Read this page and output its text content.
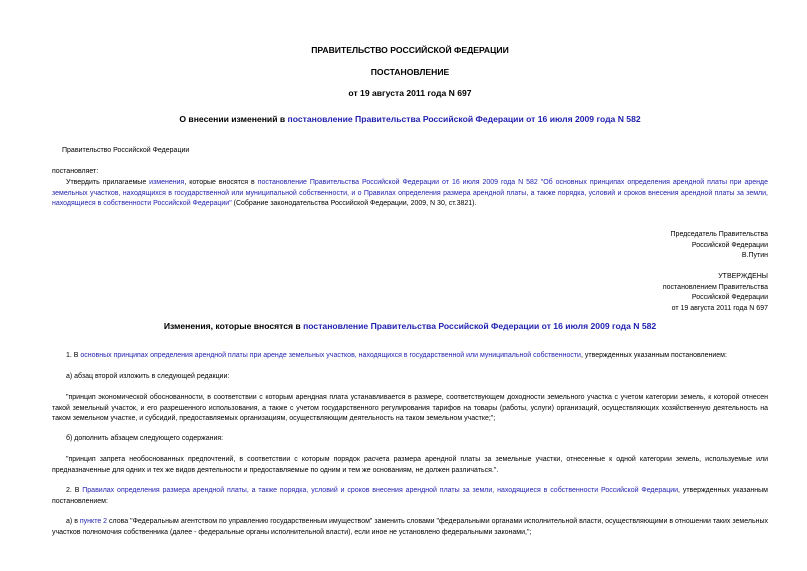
ПРАВИТЕЛЬСТВО РОССИЙСКОЙ ФЕДЕРАЦИИ
ПОСТАНОВЛЕНИЕ
от 19 августа 2011 года N 697
О внесении изменений в постановление Правительства Российской Федерации от 16 июля 2009 года N 582
Правительство Российской Федерации
постановляет:
Утвердить прилагаемые изменения, которые вносятся в постановление Правительства Российской Федерации от 16 июля 2009 года N 582 "Об основных принципах определения арендной платы при аренде земельных участков, находящихся в государственной или муниципальной собственности, и о Правилах определения размера арендной платы, а также порядка, условий и сроков внесения арендной платы за земли, находящиеся в собственности Российской Федерации" (Собрание законодательства Российской Федерации, 2009, N 30, ст.3821).
Председатель Правительства
Российской Федерации
В.Путин
УТВЕРЖДЕНЫ
постановлением Правительства
Российской Федерации
от 19 августа 2011 года N 697
Изменения, которые вносятся в постановление Правительства Российской Федерации от 16 июля 2009 года N 582
1. В основных принципах определения арендной платы при аренде земельных участков, находящихся в государственной или муниципальной собственности, утвержденных указанным постановлением:
а) абзац второй изложить в следующей редакции:
"принцип экономической обоснованности, в соответствии с которым арендная плата устанавливается в размере, соответствующем доходности земельного участка с учетом категории земель, к которой отнесен такой земельный участок, и его разрешенного использования, а также с учетом государственного регулирования тарифов на товары (работы, услуги) организаций, осуществляющих хозяйственную деятельность на таком земельном участке, и субсидий, предоставляемых организациям, осуществляющим деятельность на таком земельном участке;";
б) дополнить абзацем следующего содержания:
"принцип запрета необоснованных предпочтений, в соответствии с которым порядок расчета размера арендной платы за земельные участки, отнесенные к одной категории земель, используемые или предназначенные для одних и тех же видов деятельности и предоставляемые по одним и тем же основаниям, не должен различаться.".
2. В Правилах определения размера арендной платы, а также порядка, условий и сроков внесения арендной платы за земли, находящиеся в собственности Российской Федерации, утвержденных указанным постановлением:
а) в пункте 2 слова "Федеральным агентством по управлению государственным имуществом" заменить словами "федеральными органами исполнительной власти, осуществляющими в отношении таких земельных участков полномочия собственника (далее - федеральные органы исполнительной власти), если иное не установлено федеральными законами,";
